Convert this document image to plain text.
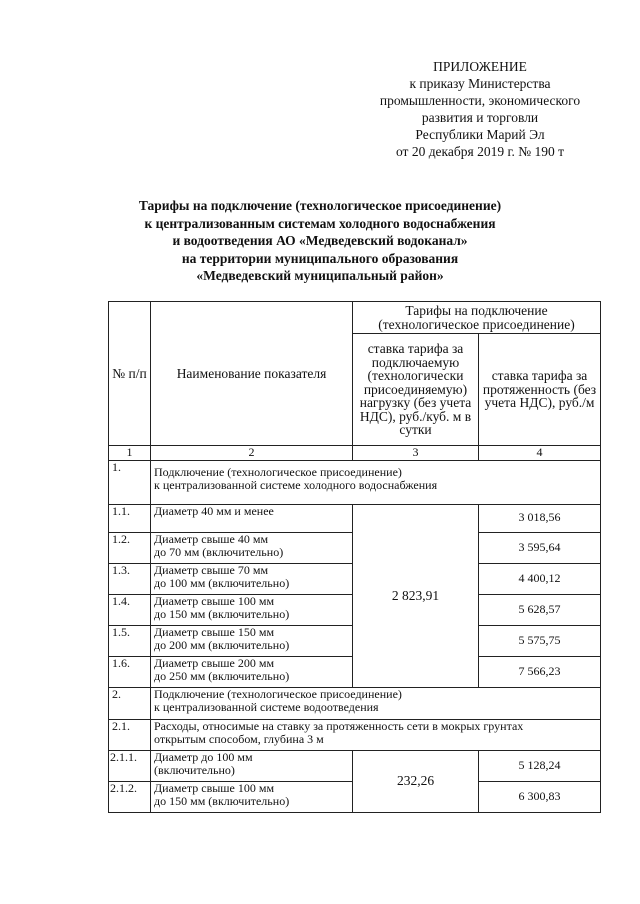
ПРИЛОЖЕНИЕ
к приказу Министерства
промышленности, экономического
развития и торговли
Республики Марий Эл
от 20 декабря 2019 г. № 190 т
Тарифы на подключение (технологическое присоединение)
к централизованным системам холодного водоснабжения
и водоотведения АО «Медведевский водоканал»
на территории муниципального образования
«Медведевский муниципальный район»
№ п/п	Наименование показателя	Тарифы на подключение (технологическое присоединение)	
		ставка тарифа за подключаемую (технологически присоединяемую) нагрузку (без учета НДС), руб./куб. м в сутки	ставка тарифа за протяженность (без учета НДС), руб./м
1	2	3	4
1.	Подключение (технологическое присоединение)
к централизованной системе холодного водоснабжения		

1.1.	Диаметр 40 мм и менее	2 823,91	3 018,56
1.2.	Диаметр свыше 40 мм
до 70 мм (включительно)		3 595,64
1.3.	Диаметр свыше 70 мм
до 100 мм (включительно)		4 400,12
1.4.	Диаметр свыше 100 мм
до 150 мм (включительно)		5 628,57
1.5.	Диаметр свыше 150 мм
до 200 мм (включительно)		5 575,75
1.6.	Диаметр свыше 200 мм
до 250 мм (включительно)		7 566,23
2.	Подключение (технологическое присоединение)
к централизованной системе водоотведения		

2.1.	Расходы, относимые на ставку за протяженность сети в мокрых грунтах
открытым способом, глубина 3 м		

2.1.1.	Диаметр до 100 мм
(включительно)	232,26	5 128,24
2.1.2.	Диаметр свыше 100 мм
до 150 мм (включительно)		6 300,83
